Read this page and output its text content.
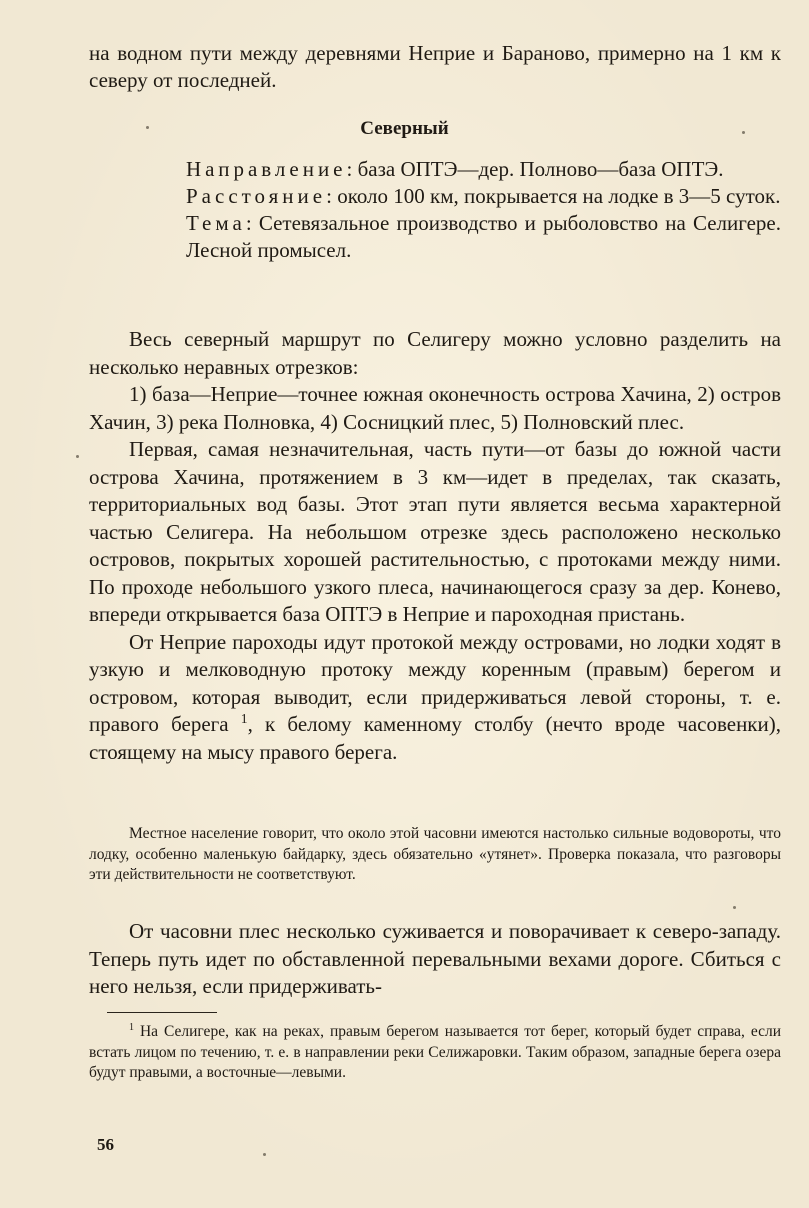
на водном пути между деревнями Неприе и Бараново, примерно на 1 км к северу от последней.

Северный

Направление: база ОПТЭ—дер. Полново—база ОПТЭ.

Расстояние: около 100 км, покрывается на лодке в 3—5 суток.

Тема: Сетевязальное производство и рыболовство на Селигере. Лесной промысел.

Весь северный маршрут по Селигеру можно условно разделить на несколько неравных отрезков:

1) база—Неприе—точнее южная оконечность острова Хачина, 2) остров Хачин, 3) река Полновка, 4) Сосницкий плес, 5) Полновский плес.

Первая, самая незначительная, часть пути—от базы до южной части острова Хачина, протяжением в 3 км—идет в пределах, так сказать, территориальных вод базы. Этот этап пути является весьма характерной частью Селигера. На небольшом отрезке здесь расположено несколько островов, покрытых хорошей растительностью, с протоками между ними. По проходе небольшого узкого плеса, начинающегося сразу за дер. Конево, впереди открывается база ОПТЭ в Неприе и пароходная пристань.

От Неприе пароходы идут протокой между островами, но лодки ходят в узкую и мелководную протоку между коренным (правым) берегом и островом, которая выводит, если придерживаться левой стороны, т. е. правого берега $^1$, к белому каменному столбу (нечто вроде часовенки), стоящему на мысу правого берега.

Местное население говорит, что около этой часовни имеются настолько сильные водовороты, что лодку, особенно маленькую байдарку, здесь обязательно «утянет». Проверка показала, что разговоры эти действительности не соответствуют.

От часовни плес несколько суживается и поворачивает к северо-западу. Теперь путь идет по обставленной перевальными вехами дороге. Сбиться с него нельзя, если придерживать-

$^1$ На Селигере, как на реках, правым берегом называется тот берег, который будет справа, если встать лицом по течению, т. е. в направлении реки Селижаровки. Таким образом, западные берега озера будут правыми, а восточные—левыми.

56
